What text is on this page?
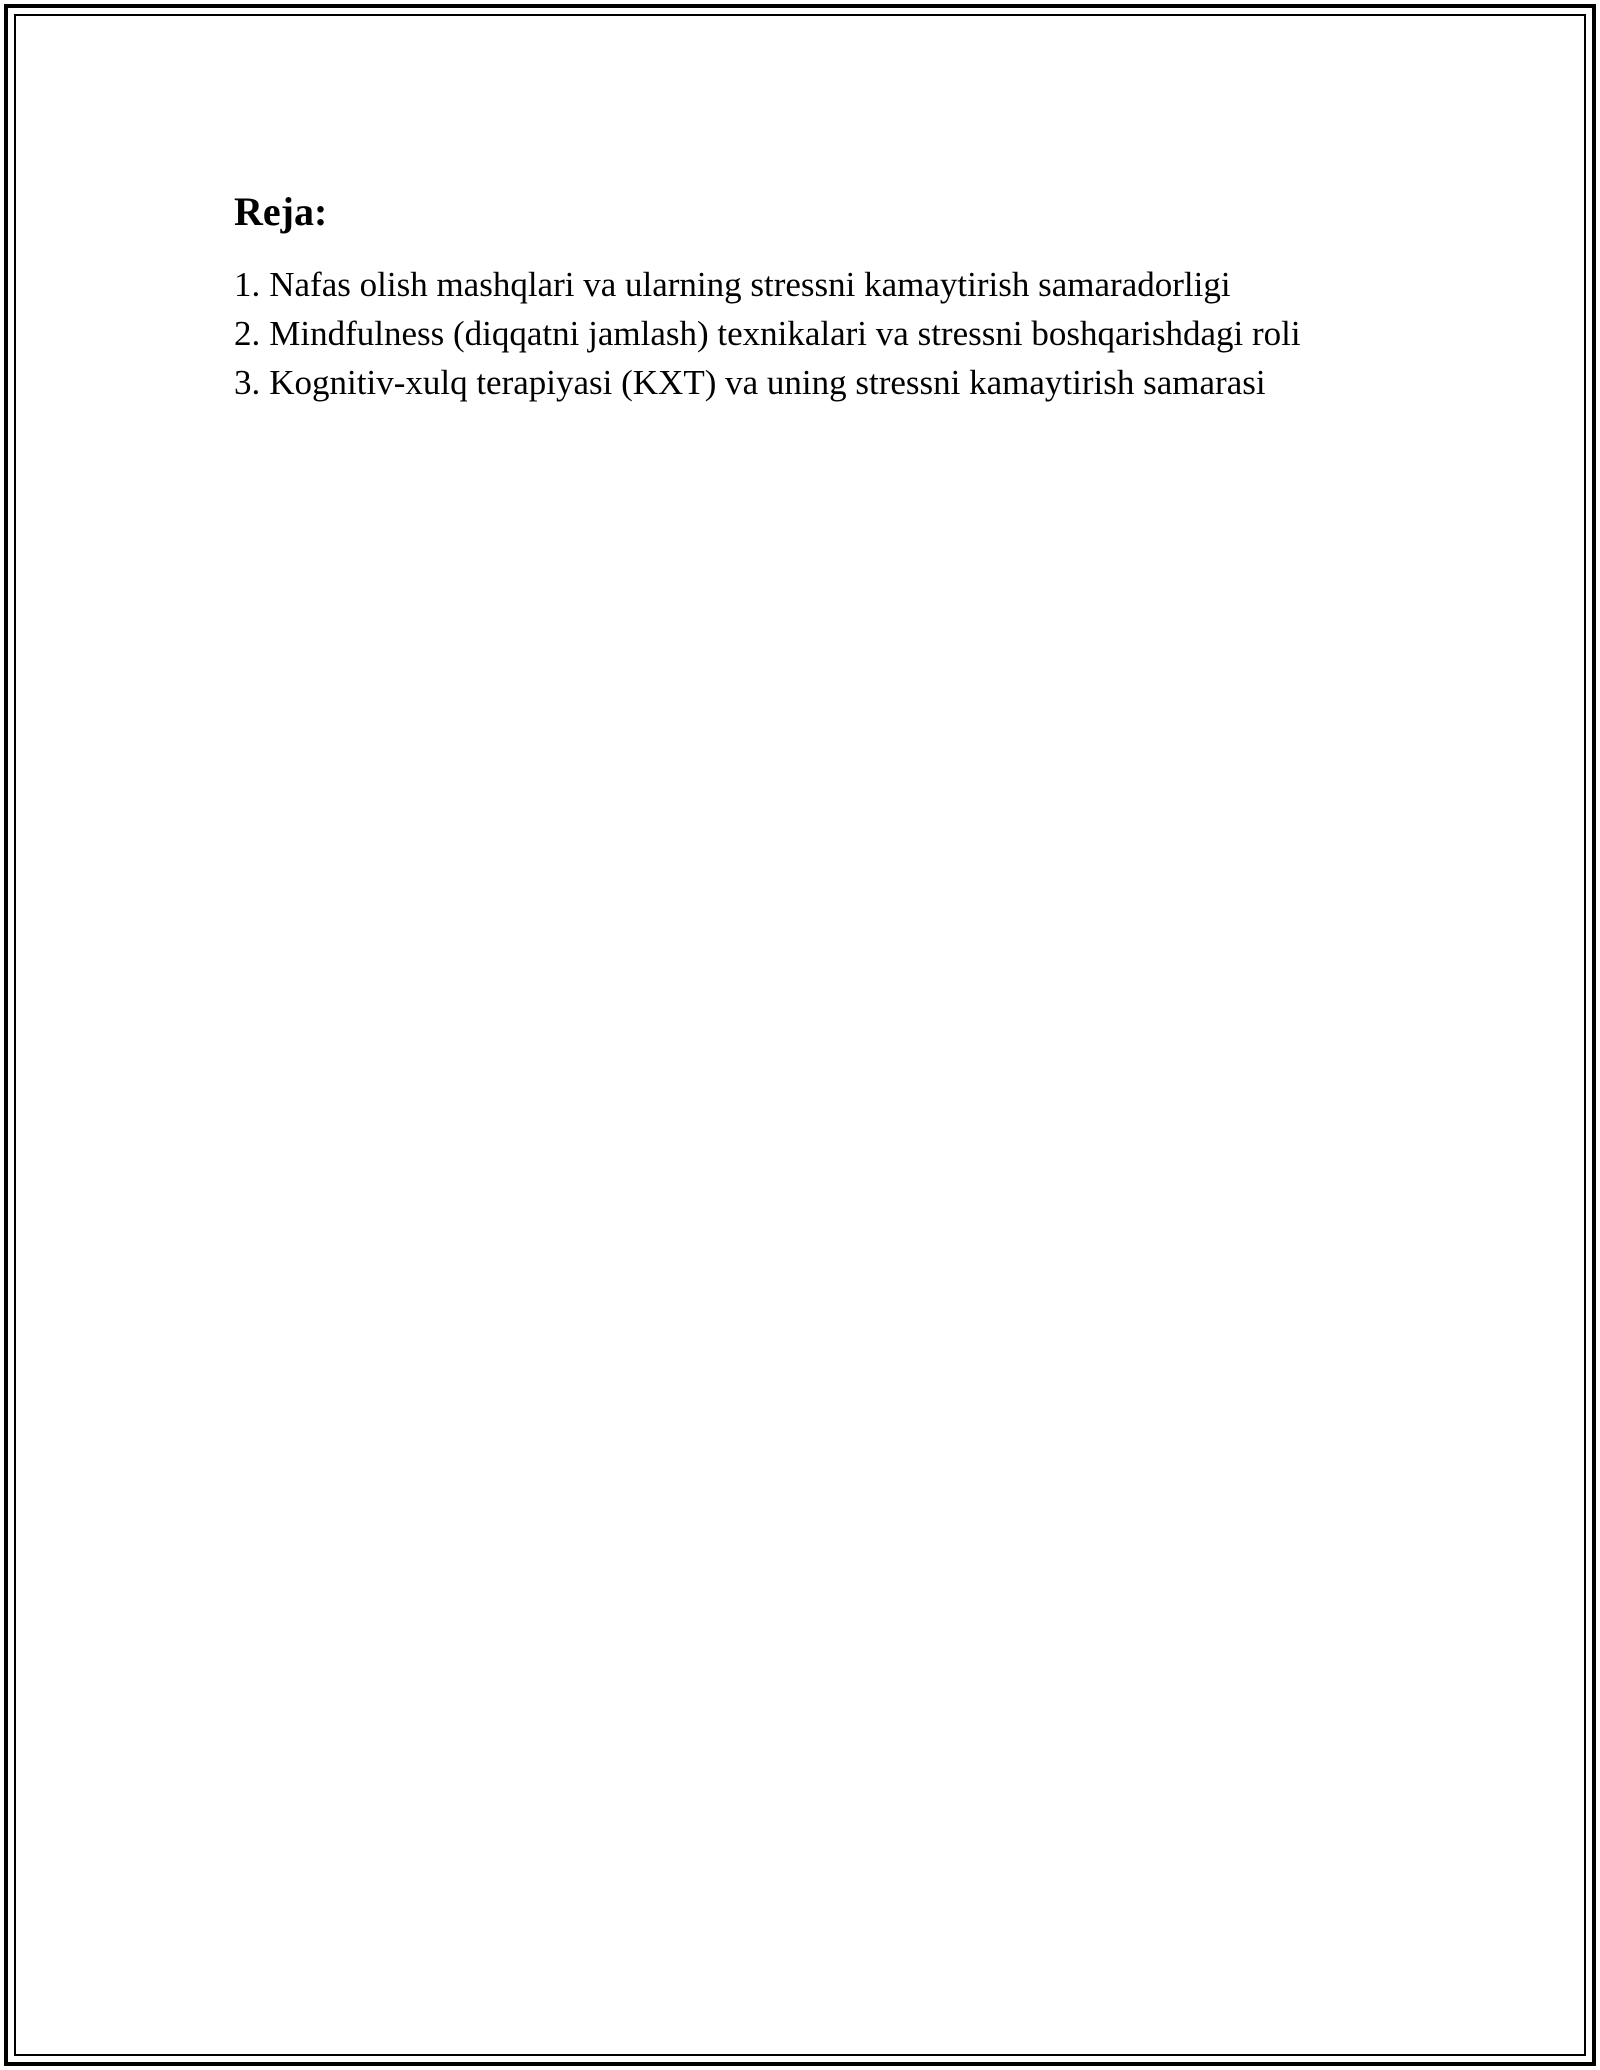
Reja:
1. Nafas olish mashqlari va ularning stressni kamaytirish samaradorligi
2. Mindfulness (diqqatni jamlash) texnikalari va stressni boshqarishdagi roli
3. Kognitiv-xulq terapiyasi (KXT) va uning stressni kamaytirish samarasi
